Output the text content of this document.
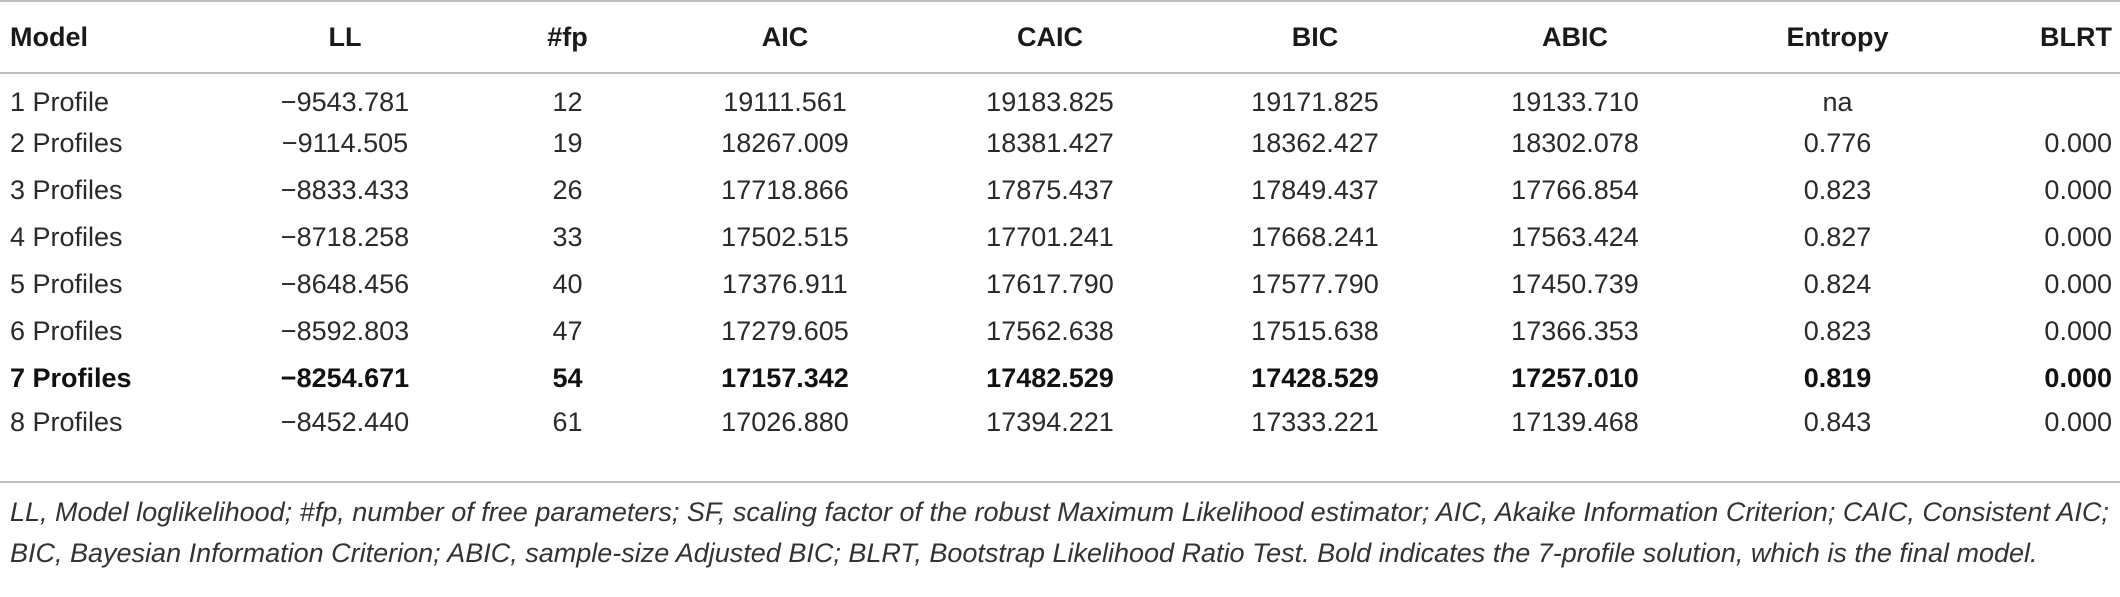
Model	LL	#fp	AIC	CAIC	BIC	ABIC	Entropy	BLRT
1 Profile	−9543.781	12	19111.561	19183.825	19171.825	19133.710	na	
2 Profiles	−9114.505	19	18267.009	18381.427	18362.427	18302.078	0.776	0.000
3 Profiles	−8833.433	26	17718.866	17875.437	17849.437	17766.854	0.823	0.000
4 Profiles	−8718.258	33	17502.515	17701.241	17668.241	17563.424	0.827	0.000
5 Profiles	−8648.456	40	17376.911	17617.790	17577.790	17450.739	0.824	0.000
6 Profiles	−8592.803	47	17279.605	17562.638	17515.638	17366.353	0.823	0.000
7 Profiles	−8254.671	54	17157.342	17482.529	17428.529	17257.010	0.819	0.000
8 Profiles	−8452.440	61	17026.880	17394.221	17333.221	17139.468	0.843	0.000

LL, Model loglikelihood; #fp, number of free parameters; SF, scaling factor of the robust Maximum Likelihood estimator; AIC, Akaike Information Criterion; CAIC, Consistent AIC; BIC, Bayesian Information Criterion; ABIC, sample-size Adjusted BIC; BLRT, Bootstrap Likelihood Ratio Test. Bold indicates the 7-profile solution, which is the final model.
